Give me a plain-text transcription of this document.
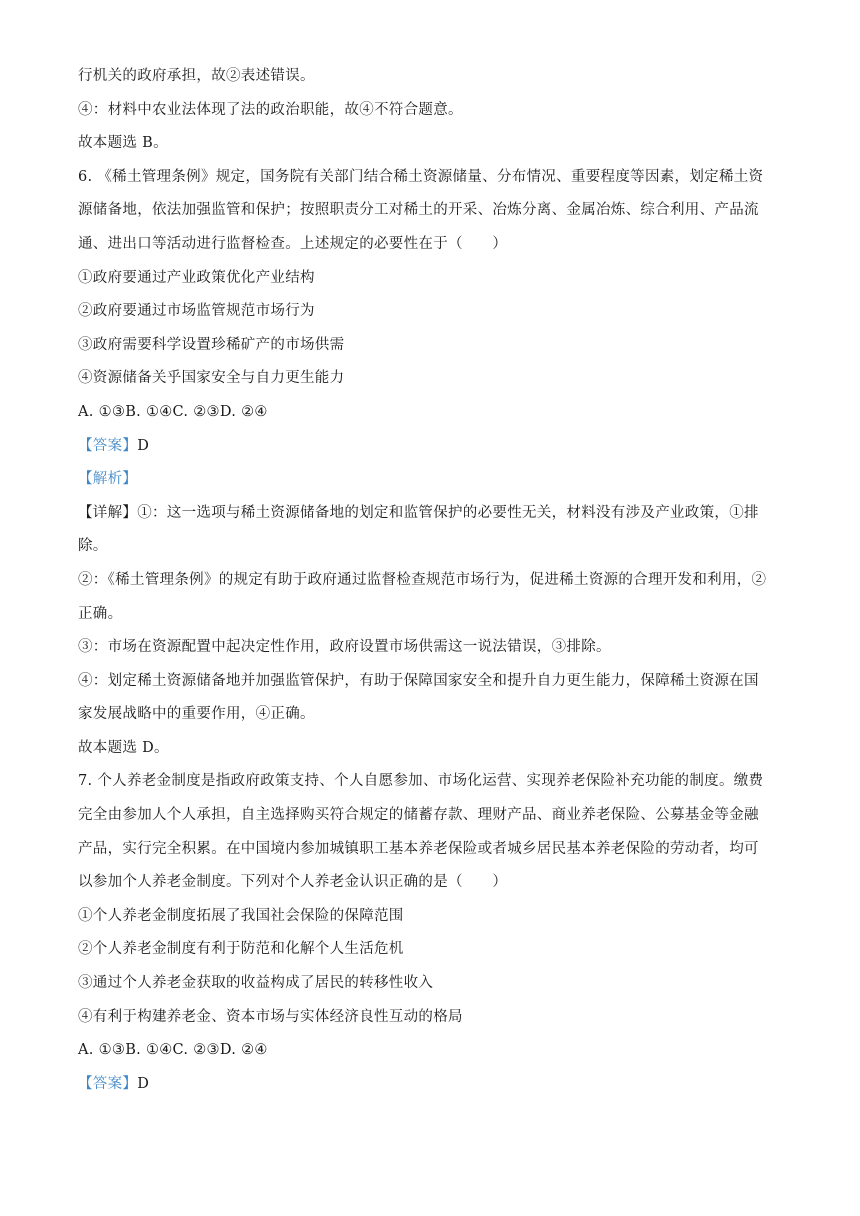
行机关的政府承担，故②表述错误。

④：材料中农业法体现了法的政治职能，故④不符合题意。

故本题选 B。

6. 《稀土管理条例》规定，国务院有关部门结合稀土资源储量、分布情况、重要程度等因素，划定稀土资

源储备地，依法加强监管和保护；按照职责分工对稀土的开采、冶炼分离、金属冶炼、综合利用、产品流

通、进出口等活动进行监督检查。上述规定的必要性在于（　　）

①政府要通过产业政策优化产业结构

②政府要通过市场监管规范市场行为

③政府需要科学设置珍稀矿产的市场供需

④资源储备关乎国家安全与自力更生能力

A. ①③B. ①④C. ②③D. ②④

【答案】D

【解析】

【详解】①：这一选项与稀土资源储备地的划定和监管保护的必要性无关，材料没有涉及产业政策，①排

除。

②：《稀土管理条例》的规定有助于政府通过监督检查规范市场行为，促进稀土资源的合理开发和利用，②

正确。

③：市场在资源配置中起决定性作用，政府设置市场供需这一说法错误，③排除。

④：划定稀土资源储备地并加强监管保护，有助于保障国家安全和提升自力更生能力，保障稀土资源在国

家发展战略中的重要作用，④正确。

故本题选 D。

7. 个人养老金制度是指政府政策支持、个人自愿参加、市场化运营、实现养老保险补充功能的制度。缴费

完全由参加人个人承担，自主选择购买符合规定的储蓄存款、理财产品、商业养老保险、公募基金等金融

产品，实行完全积累。在中国境内参加城镇职工基本养老保险或者城乡居民基本养老保险的劳动者，均可

以参加个人养老金制度。下列对个人养老金认识正确的是（　　）

①个人养老金制度拓展了我国社会保险的保障范围

②个人养老金制度有利于防范和化解个人生活危机

③通过个人养老金获取的收益构成了居民的转移性收入

④有利于构建养老金、资本市场与实体经济良性互动的格局

A. ①③B. ①④C. ②③D. ②④

【答案】D
